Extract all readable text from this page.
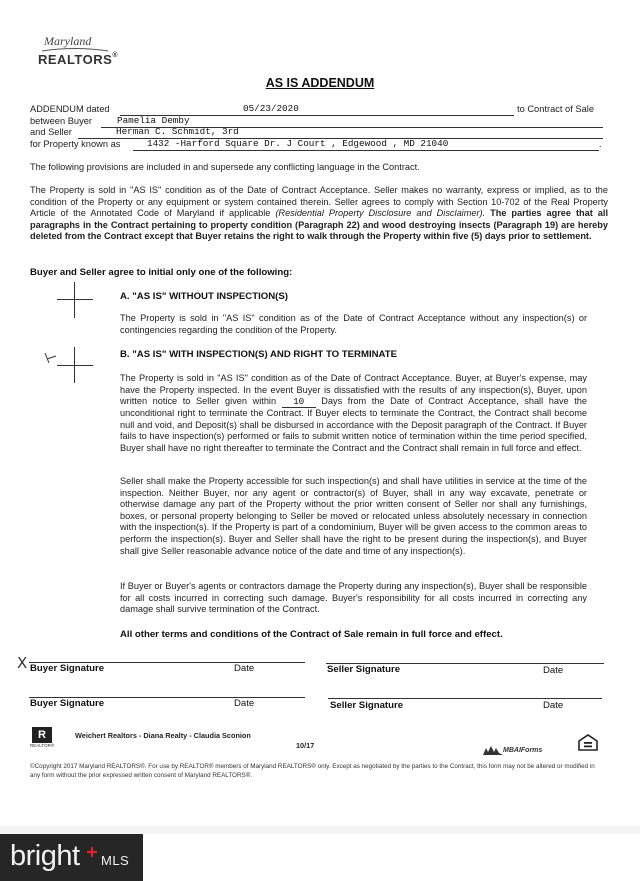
Maryland
REALTORS®
AS IS ADDENDUM
ADDENDUM dated	05/23/2020	to Contract of Sale
between Buyer	Pamelia Demby
and Seller	Herman C. Schmidt, 3rd
for Property known as	1432 -Harford Square Dr. J Court , Edgewood , MD 21040	.
The following provisions are included in and supersede any conflicting language in the Contract.
The Property is sold in "AS IS" condition as of the Date of Contract Acceptance. Seller makes no warranty, express or implied, as to the condition of the Property or any equipment or system contained therein. Seller agrees to comply with Section 10-702 of the Real Property Article of the Annotated Code of Maryland if applicable (Residential Property Disclosure and Disclaimer). The parties agree that all paragraphs in the Contract pertaining to property condition (Paragraph 22) and wood destroying insects (Paragraph 19) are hereby deleted from the Contract except that Buyer retains the right to walk through the Property within five (5) days prior to settlement.
Buyer and Seller agree to initial only one of the following:
A. "AS IS" WITHOUT INSPECTION(S)
The Property is sold in "AS IS" condition as of the Date of Contract Acceptance without any inspection(s) or contingencies regarding the condition of the Property.
B. "AS IS" WITH INSPECTION(S) AND RIGHT TO TERMINATE
The Property is sold in "AS IS" condition as of the Date of Contract Acceptance. Buyer, at Buyer's expense, may have the Property inspected. In the event Buyer is dissatisfied with the results of any inspection(s), Buyer, upon written notice to Seller given within 10 Days from the Date of Contract Acceptance, shall have the unconditional right to terminate the Contract. If Buyer elects to terminate the Contract, the Contract shall become null and void, and Deposit(s) shall be disbursed in accordance with the Deposit paragraph of the Contract. If Buyer fails to have inspection(s) performed or fails to submit written notice of termination within the time period specified, Buyer shall have no right thereafter to terminate the Contract and the Contract shall remain in full force and effect.
Seller shall make the Property accessible for such inspection(s) and shall have utilities in service at the time of the inspection. Neither Buyer, nor any agent or contractor(s) of Buyer, shall in any way excavate, penetrate or otherwise damage any part of the Property without the prior written consent of Seller nor shall any furnishings, boxes, or personal property belonging to Seller be moved or relocated unless absolutely necessary in connection with the inspection(s). If the Property is part of a condominium, Buyer will be given access to the common areas to perform the inspection(s). Buyer and Seller shall have the right to be present during the inspection(s), and Buyer shall give Seller reasonable advance notice of the date and time of any inspection(s).
If Buyer or Buyer's agents or contractors damage the Property during any inspection(s), Buyer shall be responsible for all costs incurred in correcting such damage. Buyer's responsibility for all costs incurred in correcting any damage shall survive termination of the Contract.
All other terms and conditions of the Contract of Sale remain in full force and effect.
X Buyer Signature	Date	Seller Signature	Date
Buyer Signature	Date	Seller Signature	Date
R
REALTOR®
Weichert Realtors - Diana Realty - Claudia Sconion
10/17
MBAIForms
©Copyright 2017 Maryland REALTORS®. For use by REALTOR® members of Maryland REALTORS® only. Except as negotiated by the parties to the Contract, this form may not be altered or modified in any form without the prior expressed written consent of Maryland REALTORS®.
bright MLS
